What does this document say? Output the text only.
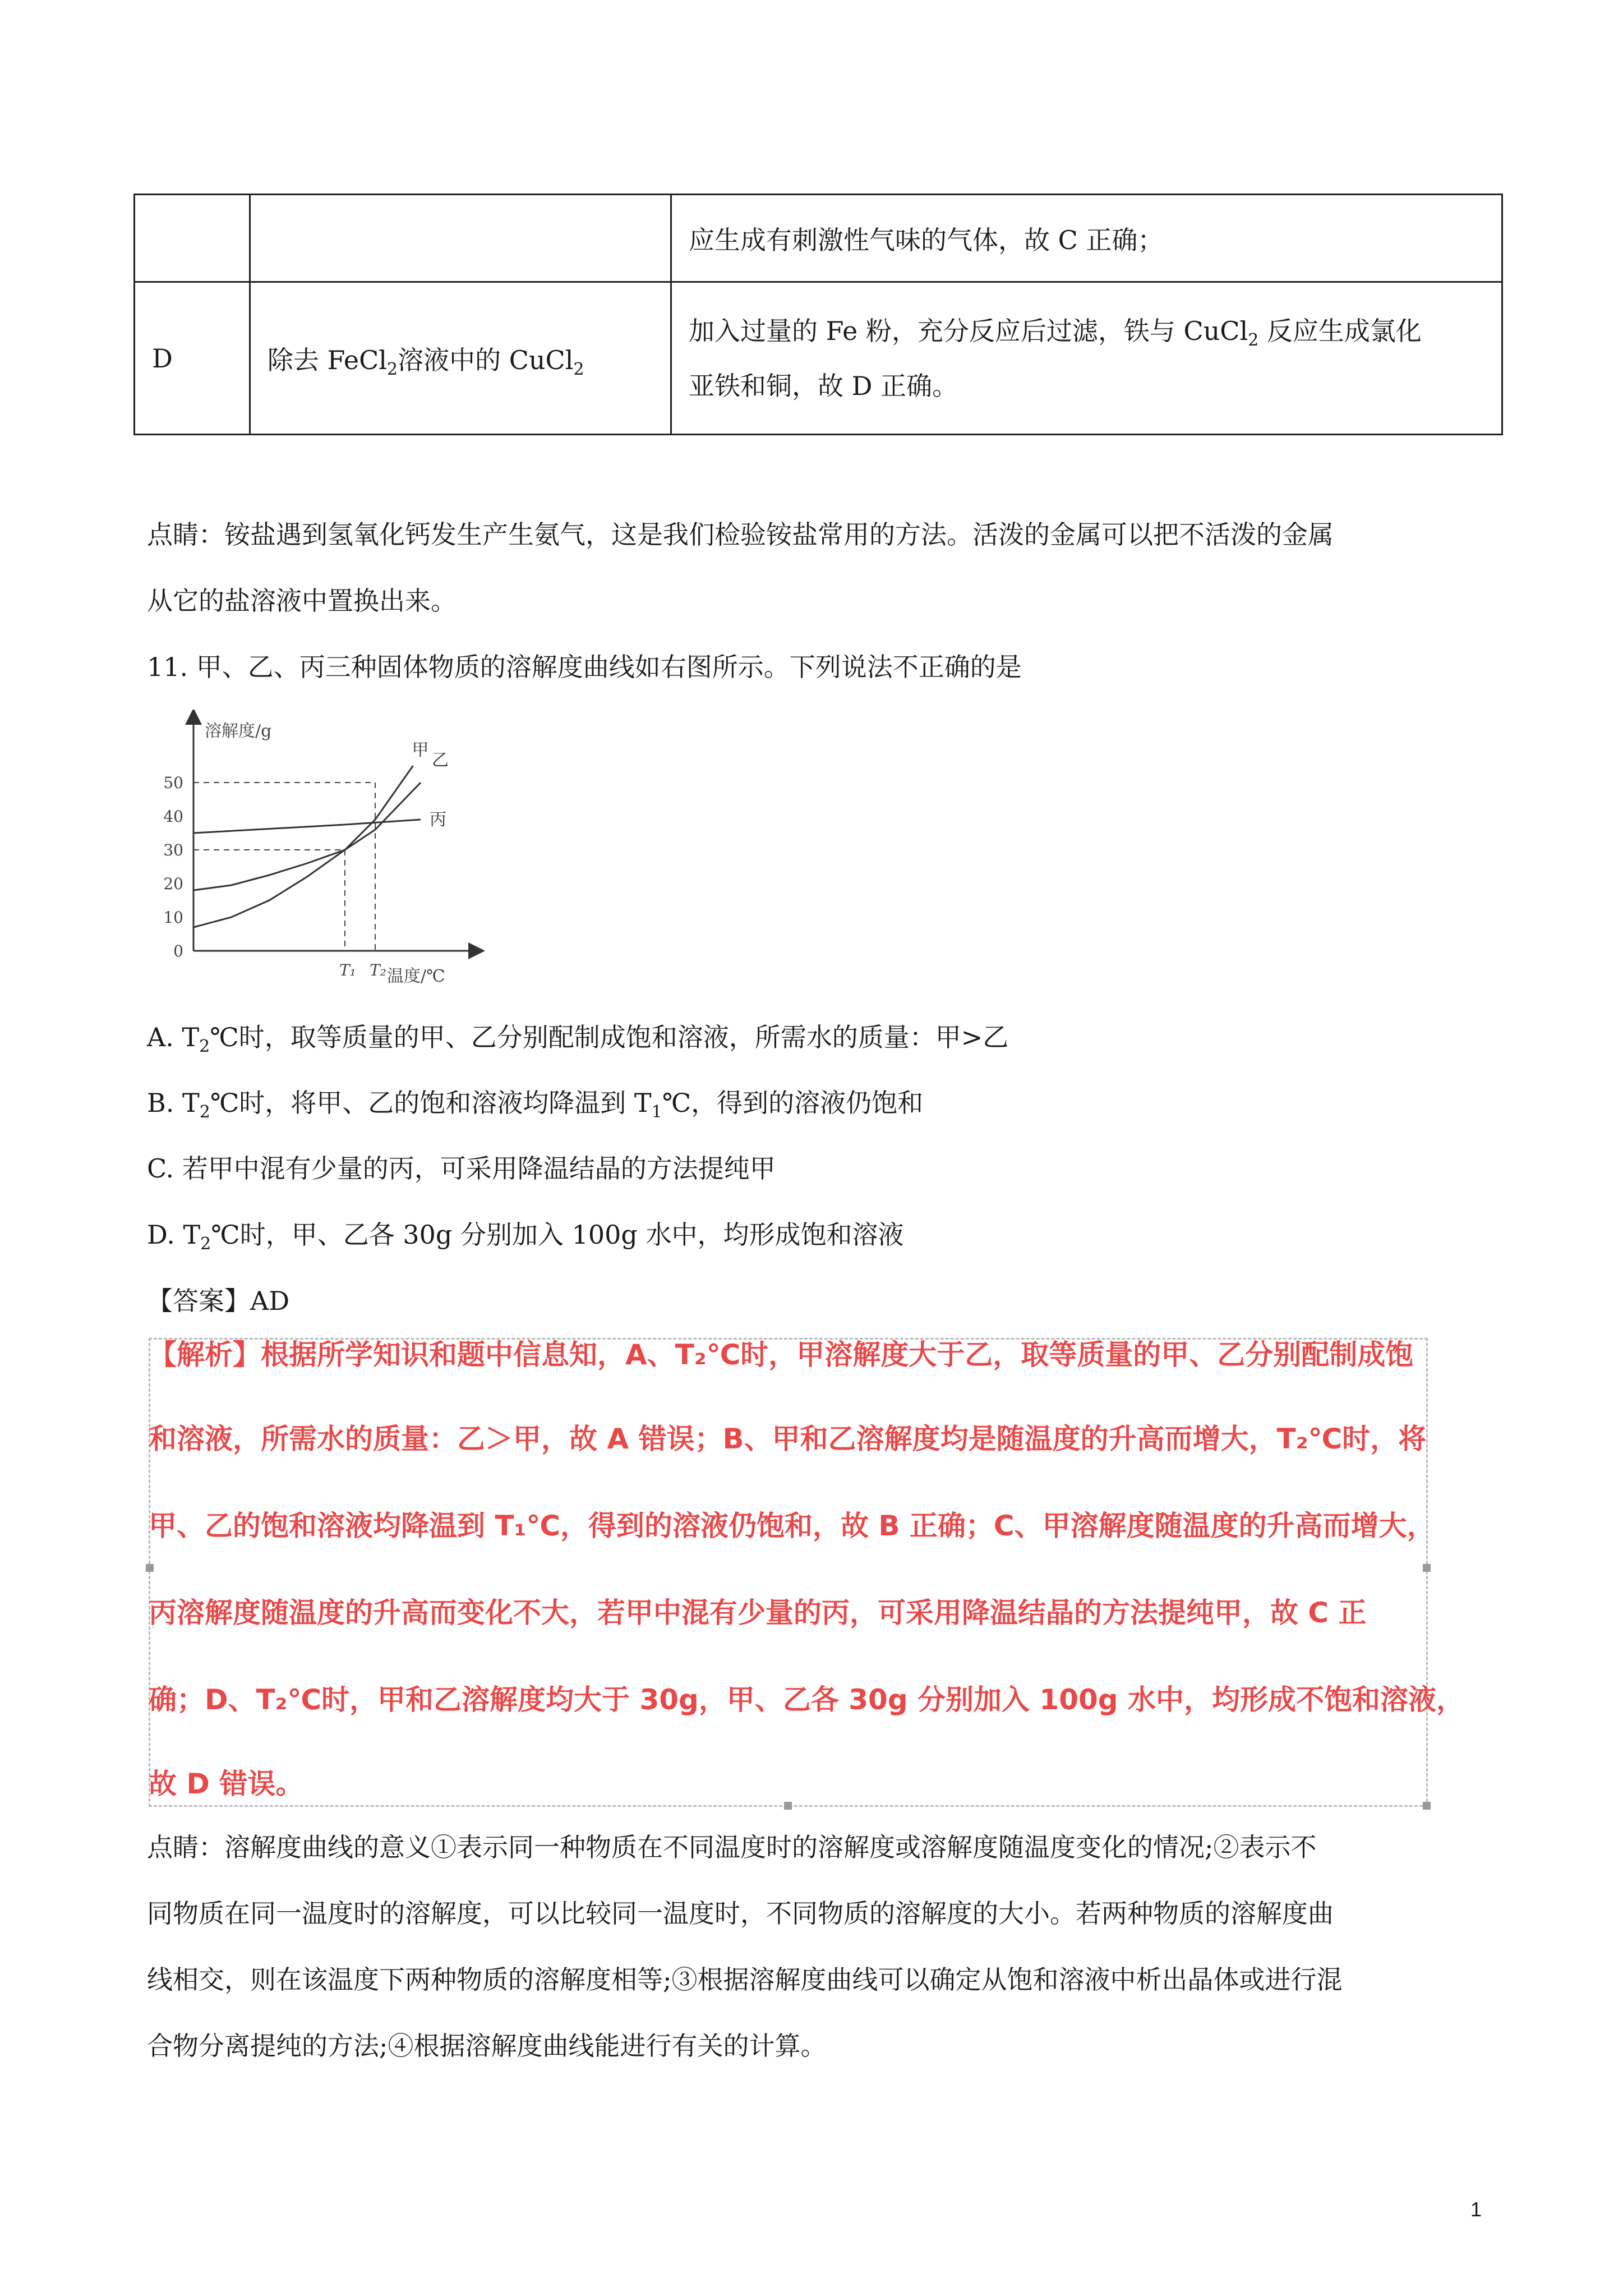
		应生成有刺激性气味的气体，故 C 正确；
D	除去 FeCl$_2$溶液中的 CuCl$_2$	加入过量的 Fe 粉，充分反应后过滤，铁与 CuCl$_2$ 反应生成氯化
亚铁和铜，故 D 正确。
点睛：铵盐遇到氢氧化钙发生产生氨气，这是我们检验铵盐常用的方法。活泼的金属可以把不活泼的金属
从它的盐溶液中置换出来。
11. 甲、乙、丙三种固体物质的溶解度曲线如右图所示。下列说法不正确的是
溶解度/g
温度/℃
0
10
20
30
40
50
T₁ T₂
甲
乙
丙
A. $T_2℃$时，取等质量的甲、乙分别配制成饱和溶液，所需水的质量：甲>乙
B. $T_2℃$时，将甲、乙的饱和溶液均降温到 $T_1℃$，得到的溶液仍饱和
C. 若甲中混有少量的丙，可采用降温结晶的方法提纯甲
D. $T_2℃$时，甲、乙各 30g 分别加入 100g 水中，均形成饱和溶液
【答案】AD
【解析】根据所学知识和题中信息知，A、T₂℃时，甲溶解度大于乙，取等质量的甲、乙分别配制成饱
和溶液，所需水的质量：乙＞甲，故 A 错误；B、甲和乙溶解度均是随温度的升高而增大，T₂℃时，将
甲、乙的饱和溶液均降温到 T₁℃，得到的溶液仍饱和，故 B 正确；C、甲溶解度随温度的升高而增大，
丙溶解度随温度的升高而变化不大，若甲中混有少量的丙，可采用降温结晶的方法提纯甲，故 C 正
确；D、T₂℃时，甲和乙溶解度均大于 30g，甲、乙各 30g 分别加入 100g 水中，均形成不饱和溶液，
故 D 错误。
点睛：溶解度曲线的意义①表示同一种物质在不同温度时的溶解度或溶解度随温度变化的情况;②表示不
同物质在同一温度时的溶解度，可以比较同一温度时，不同物质的溶解度的大小。若两种物质的溶解度曲
线相交，则在该温度下两种物质的溶解度相等;③根据溶解度曲线可以确定从饱和溶液中析出晶体或进行混
合物分离提纯的方法;④根据溶解度曲线能进行有关的计算。
1
